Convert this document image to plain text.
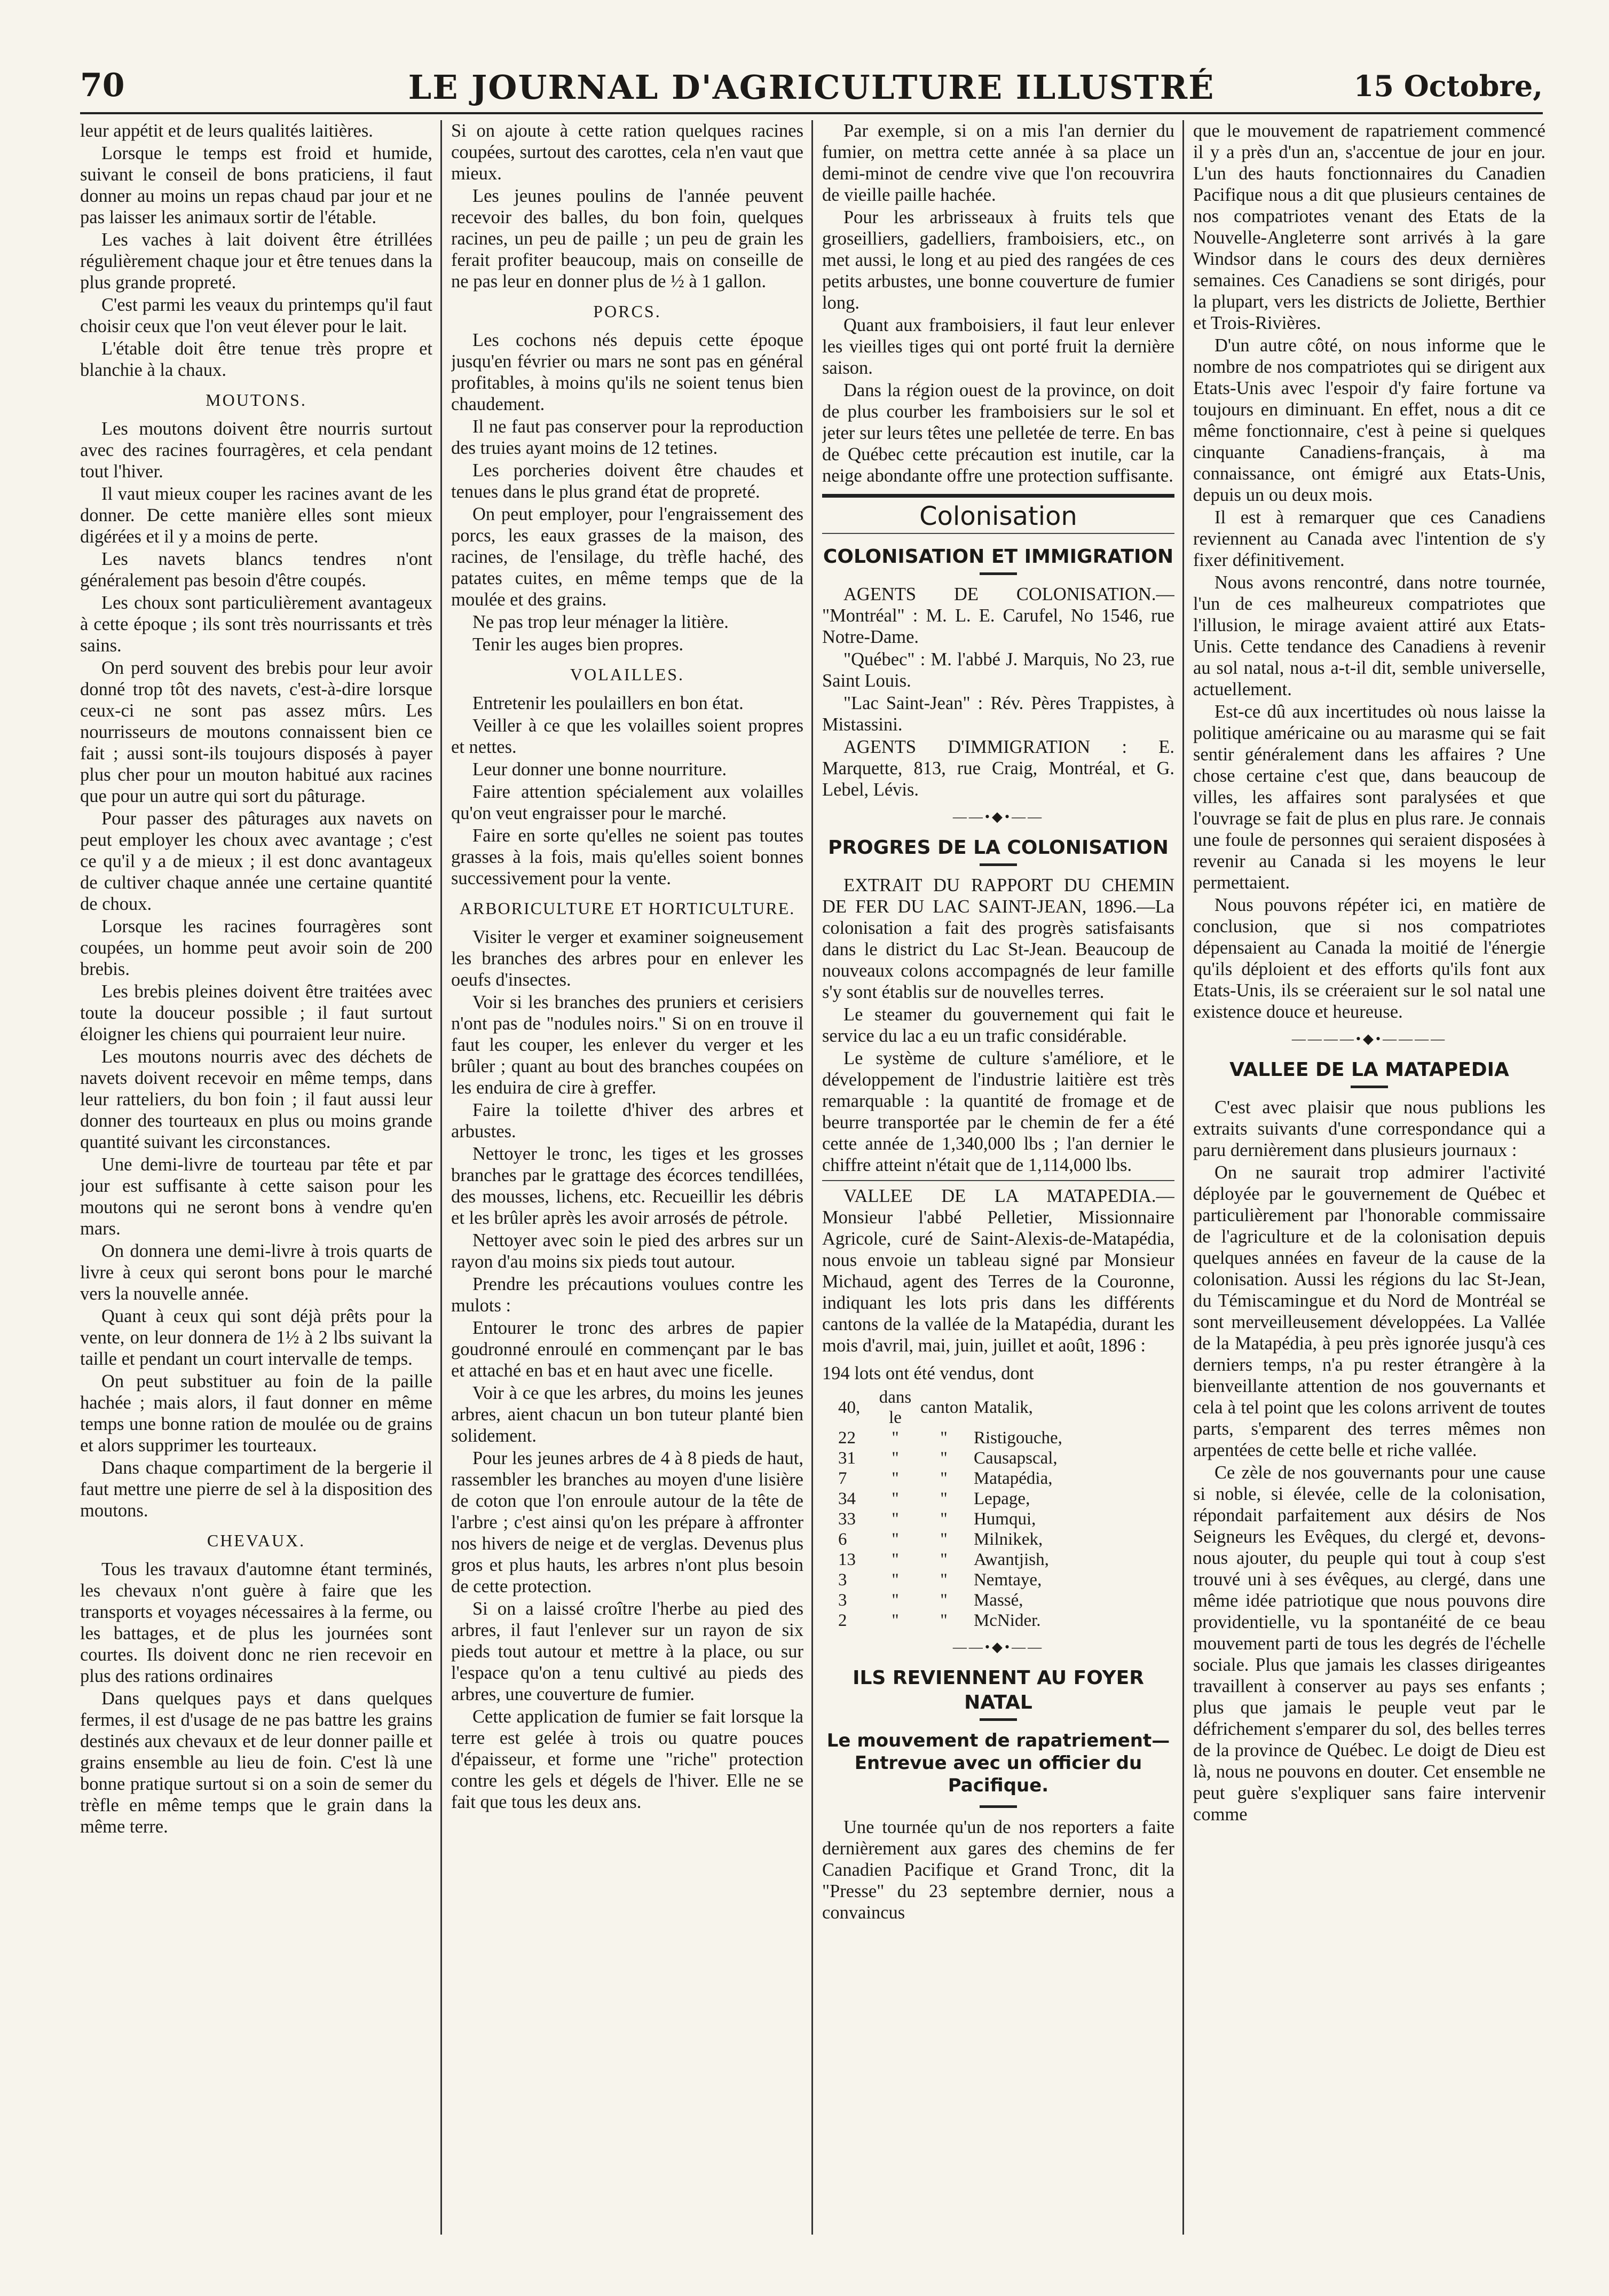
70	LE JOURNAL D'AGRICULTURE ILLUSTRÉ	15 Octobre,

leur appétit et de leurs qualités laitières.

Lorsque le temps est froid et humide, suivant le conseil de bons praticiens, il faut donner au moins un repas chaud par jour et ne pas laisser les animaux sortir de l'étable.

Les vaches à lait doivent être étrillées régulièrement chaque jour et être tenues dans la plus grande propreté.

C'est parmi les veaux du printemps qu'il faut choisir ceux que l'on veut élever pour le lait.

L'étable doit être tenue très propre et blanchie à la chaux.

MOUTONS.

Les moutons doivent être nourris surtout avec des racines fourragères, et cela pendant tout l'hiver.

Il vaut mieux couper les racines avant de les donner. De cette manière elles sont mieux digérées et il y a moins de perte.

Les navets blancs tendres n'ont généralement pas besoin d'être coupés.

Les choux sont particulièrement avantageux à cette époque ; ils sont très nourrissants et très sains.

On perd souvent des brebis pour leur avoir donné trop tôt des navets, c'est-à-dire lorsque ceux-ci ne sont pas assez mûrs. Les nourrisseurs de moutons connaissent bien ce fait ; aussi sont-ils toujours disposés à payer plus cher pour un mouton habitué aux racines que pour un autre qui sort du pâturage.

Pour passer des pâturages aux navets on peut employer les choux avec avantage ; c'est ce qu'il y a de mieux ; il est donc avantageux de cultiver chaque année une certaine quantité de choux.

Lorsque les racines fourragères sont coupées, un homme peut avoir soin de 200 brebis.

Les brebis pleines doivent être traitées avec toute la douceur possible ; il faut surtout éloigner les chiens qui pourraient leur nuire.

Les moutons nourris avec des déchets de navets doivent recevoir en même temps, dans leur ratteliers, du bon foin ; il faut aussi leur donner des tourteaux en plus ou moins grande quantité suivant les circonstances.

Une demi-livre de tourteau par tête et par jour est suffisante à cette saison pour les moutons qui ne seront bons à vendre qu'en mars.

On donnera une demi-livre à trois quarts de livre à ceux qui seront bons pour le marché vers la nouvelle année.

Quant à ceux qui sont déjà prêts pour la vente, on leur donnera de 1½ à 2 lbs suivant la taille et pendant un court intervalle de temps.

On peut substituer au foin de la paille hachée ; mais alors, il faut donner en même temps une bonne ration de moulée ou de grains et alors supprimer les tourteaux.

Dans chaque compartiment de la bergerie il faut mettre une pierre de sel à la disposition des moutons.

CHEVAUX.

Tous les travaux d'automne étant terminés, les chevaux n'ont guère à faire que les transports et voyages nécessaires à la ferme, ou les battages, et de plus les journées sont courtes. Ils doivent donc ne rien recevoir en plus des rations ordinaires

Dans quelques pays et dans quelques fermes, il est d'usage de ne pas battre les grains destinés aux chevaux et de leur donner paille et grains ensemble au lieu de foin. C'est là une bonne pratique surtout si on a soin de semer du trèfle en même temps que le grain dans la même terre.

Si on ajoute à cette ration quelques racines coupées, surtout des carottes, cela n'en vaut que mieux.

Les jeunes poulins de l'année peuvent recevoir des balles, du bon foin, quelques racines, un peu de paille ; un peu de grain les ferait profiter beaucoup, mais on conseille de ne pas leur en donner plus de ½ à 1 gallon.

PORCS.

Les cochons nés depuis cette époque jusqu'en février ou mars ne sont pas en général profitables, à moins qu'ils ne soient tenus bien chaudement.

Il ne faut pas conserver pour la reproduction des truies ayant moins de 12 tetines.

Les porcheries doivent être chaudes et tenues dans le plus grand état de propreté.

On peut employer, pour l'engraissement des porcs, les eaux grasses de la maison, des racines, de l'ensilage, du trèfle haché, des patates cuites, en même temps que de la moulée et des grains.

Ne pas trop leur ménager la litière.

Tenir les auges bien propres.

VOLAILLES.

Entretenir les poulaillers en bon état.

Veiller à ce que les volailles soient propres et nettes.

Leur donner une bonne nourriture.

Faire attention spécialement aux volailles qu'on veut engraisser pour le marché.

Faire en sorte qu'elles ne soient pas toutes grasses à la fois, mais qu'elles soient bonnes successivement pour la vente.

ARBORICULTURE ET HORTICULTURE.

Visiter le verger et examiner soigneusement les branches des arbres pour en enlever les oeufs d'insectes.

Voir si les branches des pruniers et cerisiers n'ont pas de "nodules noirs." Si on en trouve il faut les couper, les enlever du verger et les brûler ; quant au bout des branches coupées on les enduira de cire à greffer.

Faire la toilette d'hiver des arbres et arbustes.

Nettoyer le tronc, les tiges et les grosses branches par le grattage des écorces tendillées, des mousses, lichens, etc. Recueillir les débris et les brûler après les avoir arrosés de pétrole.

Nettoyer avec soin le pied des arbres sur un rayon d'au moins six pieds tout autour.

Prendre les précautions voulues contre les mulots :

Entourer le tronc des arbres de papier goudronné enroulé en commençant par le bas et attaché en bas et en haut avec une ficelle.

Voir à ce que les arbres, du moins les jeunes arbres, aient chacun un bon tuteur planté bien solidement.

Pour les jeunes arbres de 4 à 8 pieds de haut, rassembler les branches au moyen d'une lisière de coton que l'on enroule autour de la tête de l'arbre ; c'est ainsi qu'on les prépare à affronter nos hivers de neige et de verglas. Devenus plus gros et plus hauts, les arbres n'ont plus besoin de cette protection.

Si on a laissé croître l'herbe au pied des arbres, il faut l'enlever sur un rayon de six pieds tout autour et mettre à la place, ou sur l'espace qu'on a tenu cultivé au pieds des arbres, une couverture de fumier.

Cette application de fumier se fait lorsque la terre est gelée à trois ou quatre pouces d'épaisseur, et forme une "riche" protection contre les gels et dégels de l'hiver. Elle ne se fait que tous les deux ans.

Par exemple, si on a mis l'an dernier du fumier, on mettra cette année à sa place un demi-minot de cendre vive que l'on recouvrira de vieille paille hachée.

Pour les arbrisseaux à fruits tels que groseilliers, gadelliers, framboisiers, etc., on met aussi, le long et au pied des rangées de ces petits arbustes, une bonne couverture de fumier long.

Quant aux framboisiers, il faut leur enlever les vieilles tiges qui ont porté fruit la dernière saison.

Dans la région ouest de la province, on doit de plus courber les framboisiers sur le sol et jeter sur leurs têtes une pelletée de terre. En bas de Québec cette précaution est inutile, car la neige abondante offre une protection suffisante.

Colonisation
COLONISATION ET IMMIGRATION

AGENTS DE COLONISATION.— "Montréal" : M. L. E. Carufel, No 1546, rue Notre-Dame.

"Québec" : M. l'abbé J. Marquis, No 23, rue Saint Louis.

"Lac Saint-Jean" : Rév. Pères Trappistes, à Mistassini.

AGENTS D'IMMIGRATION : E. Marquette, 813, rue Craig, Montréal, et G. Lebel, Lévis.

——•◆•——
PROGRES DE LA COLONISATION

EXTRAIT DU RAPPORT DU CHEMIN DE FER DU LAC SAINT-JEAN, 1896.—La colonisation a fait des progrès satisfaisants dans le district du Lac St-Jean. Beaucoup de nouveaux colons accompagnés de leur famille s'y sont établis sur de nouvelles terres.

Le steamer du gouvernement qui fait le service du lac a eu un trafic considérable.

Le système de culture s'améliore, et le développement de l'industrie laitière est très remarquable : la quantité de fromage et de beurre transportée par le chemin de fer a été cette année de 1,340,000 lbs ; l'an dernier le chiffre atteint n'était que de 1,114,000 lbs.

VALLEE DE LA MATAPEDIA.— Monsieur l'abbé Pelletier, Missionnaire Agricole, curé de Saint-Alexis-de-Matapédia, nous envoie un tableau signé par Monsieur Michaud, agent des Terres de la Couronne, indiquant les lots pris dans les différents cantons de la vallée de la Matapédia, durant les mois d'avril, mai, juin, juillet et août, 1896 :

194 lots ont été vendus, dont

40,	dans le	canton	Matalik,
22	"	"	Ristigouche,
31	"	"	Causapscal,
7	"	"	Matapédia,
34	"	"	Lepage,
33	"	"	Humqui,
6	"	"	Milnikek,
13	"	"	Awantjish,
3	"	"	Nemtaye,
3	"	"	Massé,
2	"	"	McNider.
——•◆•——
ILS REVIENNENT AU FOYER NATAL
Le mouvement de rapatriement—Entrevue avec un officier du Pacifique.

Une tournée qu'un de nos reporters a faite dernièrement aux gares des chemins de fer Canadien Pacifique et Grand Tronc, dit la "Presse" du 23 septembre dernier, nous a convaincus

que le mouvement de rapatriement commencé il y a près d'un an, s'accentue de jour en jour. L'un des hauts fonctionnaires du Canadien Pacifique nous a dit que plusieurs centaines de nos compatriotes venant des Etats de la Nouvelle-Angleterre sont arrivés à la gare Windsor dans le cours des deux dernières semaines. Ces Canadiens se sont dirigés, pour la plupart, vers les districts de Joliette, Berthier et Trois-Rivières.

D'un autre côté, on nous informe que le nombre de nos compatriotes qui se dirigent aux Etats-Unis avec l'espoir d'y faire fortune va toujours en diminuant. En effet, nous a dit ce même fonctionnaire, c'est à peine si quelques cinquante Canadiens-français, à ma connaissance, ont émigré aux Etats-Unis, depuis un ou deux mois.

Il est à remarquer que ces Canadiens reviennent au Canada avec l'intention de s'y fixer définitivement.

Nous avons rencontré, dans notre tournée, l'un de ces malheureux compatriotes que l'illusion, le mirage avaient attiré aux Etats-Unis. Cette tendance des Canadiens à revenir au sol natal, nous a-t-il dit, semble universelle, actuellement.

Est-ce dû aux incertitudes où nous laisse la politique américaine ou au marasme qui se fait sentir généralement dans les affaires ? Une chose certaine c'est que, dans beaucoup de villes, les affaires sont paralysées et que l'ouvrage se fait de plus en plus rare. Je connais une foule de personnes qui seraient disposées à revenir au Canada si les moyens le leur permettaient.

Nous pouvons répéter ici, en matière de conclusion, que si nos compatriotes dépensaient au Canada la moitié de l'énergie qu'ils déploient et des efforts qu'ils font aux Etats-Unis, ils se créeraient sur le sol natal une existence douce et heureuse.

————•◆•————
VALLEE DE LA MATAPEDIA

C'est avec plaisir que nous publions les extraits suivants d'une correspondance qui a paru dernièrement dans plusieurs journaux :

On ne saurait trop admirer l'activité déployée par le gouvernement de Québec et particulièrement par l'honorable commissaire de l'agriculture et de la colonisation depuis quelques années en faveur de la cause de la colonisation. Aussi les régions du lac St-Jean, du Témiscamingue et du Nord de Montréal se sont merveilleusement développées. La Vallée de la Matapédia, à peu près ignorée jusqu'à ces derniers temps, n'a pu rester étrangère à la bienveillante attention de nos gouvernants et cela à tel point que les colons arrivent de toutes parts, s'emparent des terres mêmes non arpentées de cette belle et riche vallée.

Ce zèle de nos gouvernants pour une cause si noble, si élevée, celle de la colonisation, répondait parfaitement aux désirs de Nos Seigneurs les Evêques, du clergé et, devons-nous ajouter, du peuple qui tout à coup s'est trouvé uni à ses évêques, au clergé, dans une même idée patriotique que nous pouvons dire providentielle, vu la spontanéité de ce beau mouvement parti de tous les degrés de l'échelle sociale. Plus que jamais les classes dirigeantes travaillent à conserver au pays ses enfants ; plus que jamais le peuple veut par le défrichement s'emparer du sol, des belles terres de la province de Québec. Le doigt de Dieu est là, nous ne pouvons en douter. Cet ensemble ne peut guère s'expliquer sans faire intervenir comme
